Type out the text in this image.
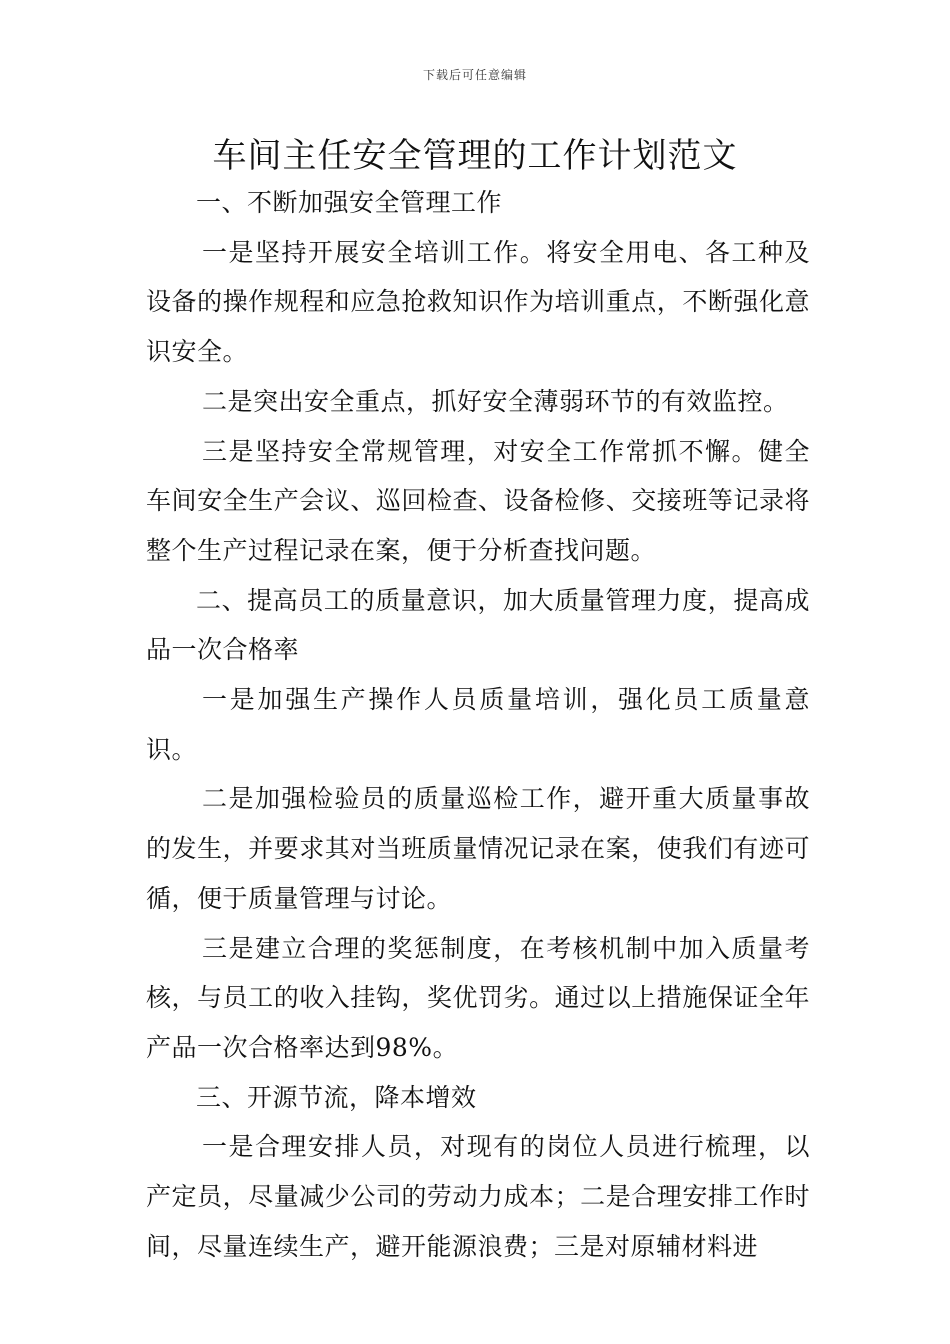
下载后可任意编辑
车间主任安全管理的工作计划范文

一、不断加强安全管理工作

一是坚持开展安全培训工作。将安全用电、各工种及设备的操作规程和应急抢救知识作为培训重点，不断强化意识安全。

二是突出安全重点，抓好安全薄弱环节的有效监控。

三是坚持安全常规管理，对安全工作常抓不懈。健全车间安全生产会议、巡回检查、设备检修、交接班等记录将整个生产过程记录在案，便于分析查找问题。

二、提高员工的质量意识，加大质量管理力度，提高成品一次合格率

一是加强生产操作人员质量培训，强化员工质量意识。

二是加强检验员的质量巡检工作，避开重大质量事故的发生，并要求其对当班质量情况记录在案，使我们有迹可循，便于质量管理与讨论。

三是建立合理的奖惩制度，在考核机制中加入质量考核，与员工的收入挂钩，奖优罚劣。通过以上措施保证全年产品一次合格率达到98%。

三、开源节流，降本增效

一是合理安排人员，对现有的岗位人员进行梳理，以产定员，尽量减少公司的劳动力成本；二是合理安排工作时间，尽量连续生产，避开能源浪费；三是对原辅材料进
